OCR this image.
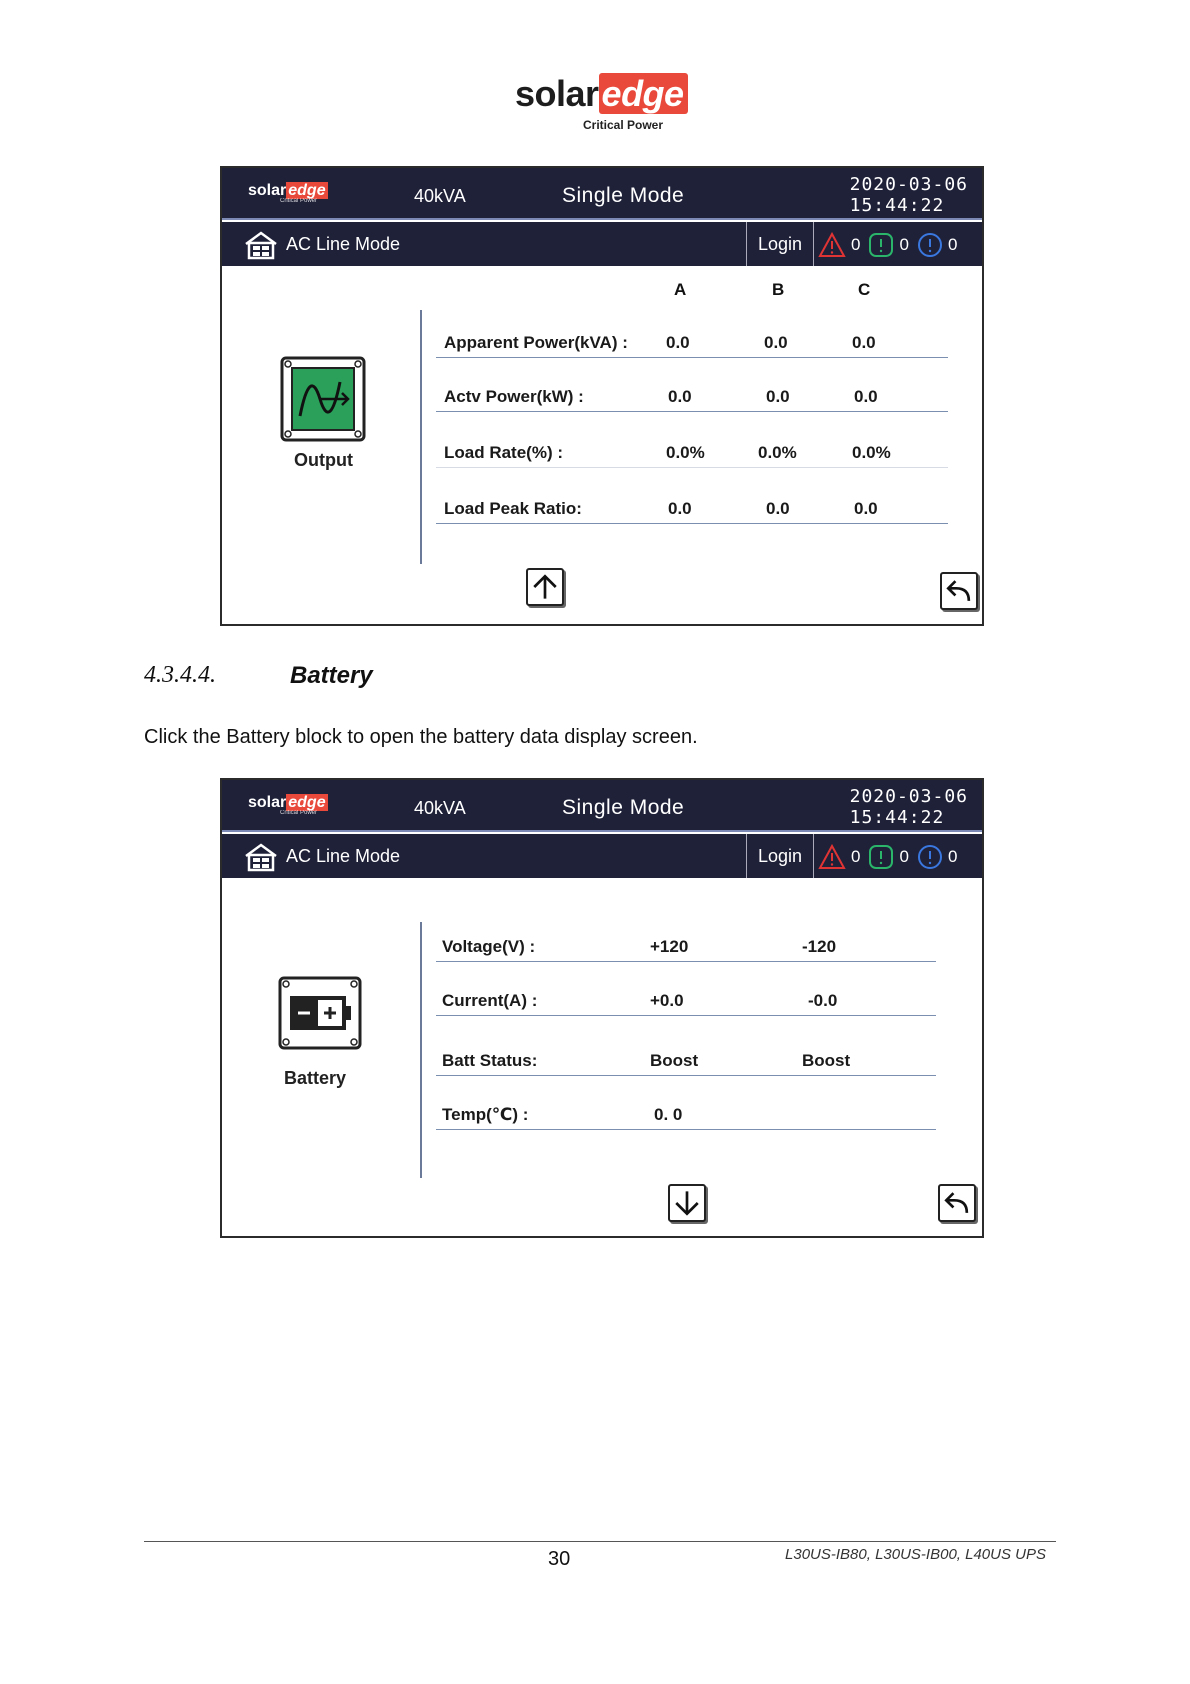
solaredge
Critical Power
solar edge
Critical Power	40kVA	Single Mode	2020-03-06
15:44:22
AC Line Mode	Login	0 0 0
Output
A	B	C
Apparent Power(kVA) : 0.0	0.0	0.0
Actv Power(kW) :	0.0	0.0	0.0
Load Rate(%) :	0.0%	0.0%	0.0%
Load Peak Ratio:	0.0	0.0	0.0
4.3.4.4.	Battery
Click the Battery block to open the battery data display screen.
solar edge
Critical Power	40kVA	Single Mode	2020-03-06
15:44:22
AC Line Mode	Login	0 0 0
Battery
Voltage(V) :	+120	-120
Current(A) :	+0.0	-0.0
Batt Status:	Boost	Boost
Temp(℃) :	0. 0
30	L30US-IB80, L30US-IB00, L40US UPS
